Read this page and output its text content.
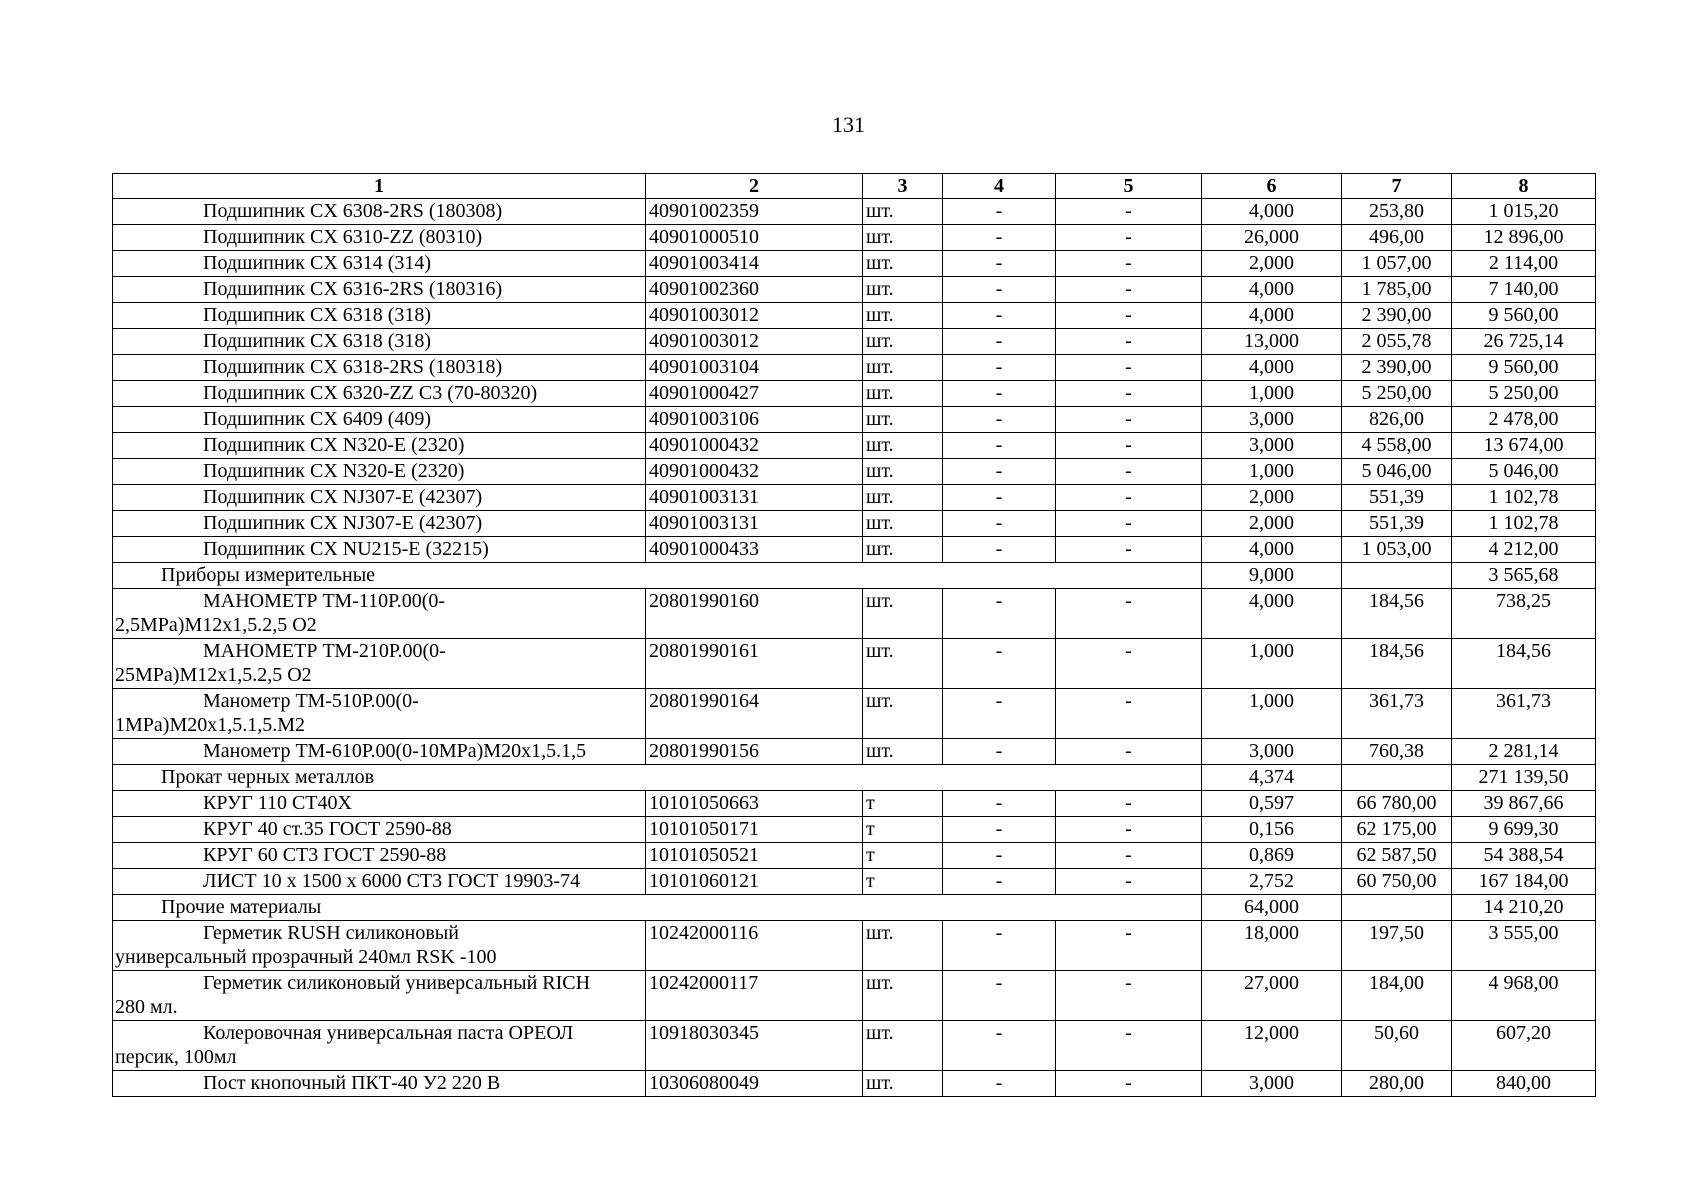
131
1	2	3	4	5	6	7	8

Подшипник CX 6308-2RS (180308)	40901002359	шт.	-	-	4,000	253,80	1 015,20

Подшипник CX 6310-ZZ (80310)	40901000510	шт.	-	-	26,000	496,00	12 896,00

Подшипник CX 6314 (314)	40901003414	шт.	-	-	2,000	1 057,00	2 114,00

Подшипник CX 6316-2RS (180316)	40901002360	шт.	-	-	4,000	1 785,00	7 140,00

Подшипник CX 6318 (318)	40901003012	шт.	-	-	4,000	2 390,00	9 560,00

Подшипник CX 6318 (318)	40901003012	шт.	-	-	13,000	2 055,78	26 725,14

Подшипник CX 6318-2RS (180318)	40901003104	шт.	-	-	4,000	2 390,00	9 560,00

Подшипник CX 6320-ZZ C3 (70-80320)	40901000427	шт.	-	-	1,000	5 250,00	5 250,00

Подшипник CX 6409 (409)	40901003106	шт.	-	-	3,000	826,00	2 478,00

Подшипник CX N320-E (2320)	40901000432	шт.	-	-	3,000	4 558,00	13 674,00

Подшипник CX N320-E (2320)	40901000432	шт.	-	-	1,000	5 046,00	5 046,00

Подшипник CX NJ307-E (42307)	40901003131	шт.	-	-	2,000	551,39	1 102,78

Подшипник CX NJ307-E (42307)	40901003131	шт.	-	-	2,000	551,39	1 102,78

Подшипник CX NU215-E (32215)	40901000433	шт.	-	-	4,000	1 053,00	4 212,00
Приборы измерительные					9,000		3 565,68

МАНОМЕТР ТМ-110Р.00(0-
2,5MPa)M12x1,5.2,5 O2	20801990160	шт.	-	-	4,000	184,56	738,25

МАНОМЕТР ТМ-210Р.00(0-
25MPa)M12x1,5.2,5 O2	20801990161	шт.	-	-	1,000	184,56	184,56

Манометр ТМ-510Р.00(0-
1MPa)M20x1,5.1,5.M2	20801990164	шт.	-	-	1,000	361,73	361,73

Манометр ТМ-610Р.00(0-10MPa)M20x1,5.1,5	20801990156	шт.	-	-	3,000	760,38	2 281,14
Прокат черных металлов					4,374		271 139,50

КРУГ 110 СТ40Х	10101050663	т	-	-	0,597	66 780,00	39 867,66

КРУГ 40 ст.35 ГОСТ 2590-88	10101050171	т	-	-	0,156	62 175,00	9 699,30

КРУГ 60 СТ3 ГОСТ 2590-88	10101050521	т	-	-	0,869	62 587,50	54 388,54

ЛИСТ 10 х 1500 х 6000 СТ3 ГОСТ 19903-74	10101060121	т	-	-	2,752	60 750,00	167 184,00
Прочие материалы					64,000		14 210,20

Герметик RUSH силиконовый
универсальный прозрачный 240мл RSK -100	10242000116	шт.	-	-	18,000	197,50	3 555,00

Герметик силиконовый универсальный RICH
280 мл.	10242000117	шт.	-	-	27,000	184,00	4 968,00

Колеровочная универсальная паста ОРЕОЛ
персик, 100мл	10918030345	шт.	-	-	12,000	50,60	607,20

Пост кнопочный ПКТ-40 У2 220 В	10306080049	шт.	-	-	3,000	280,00	840,00
